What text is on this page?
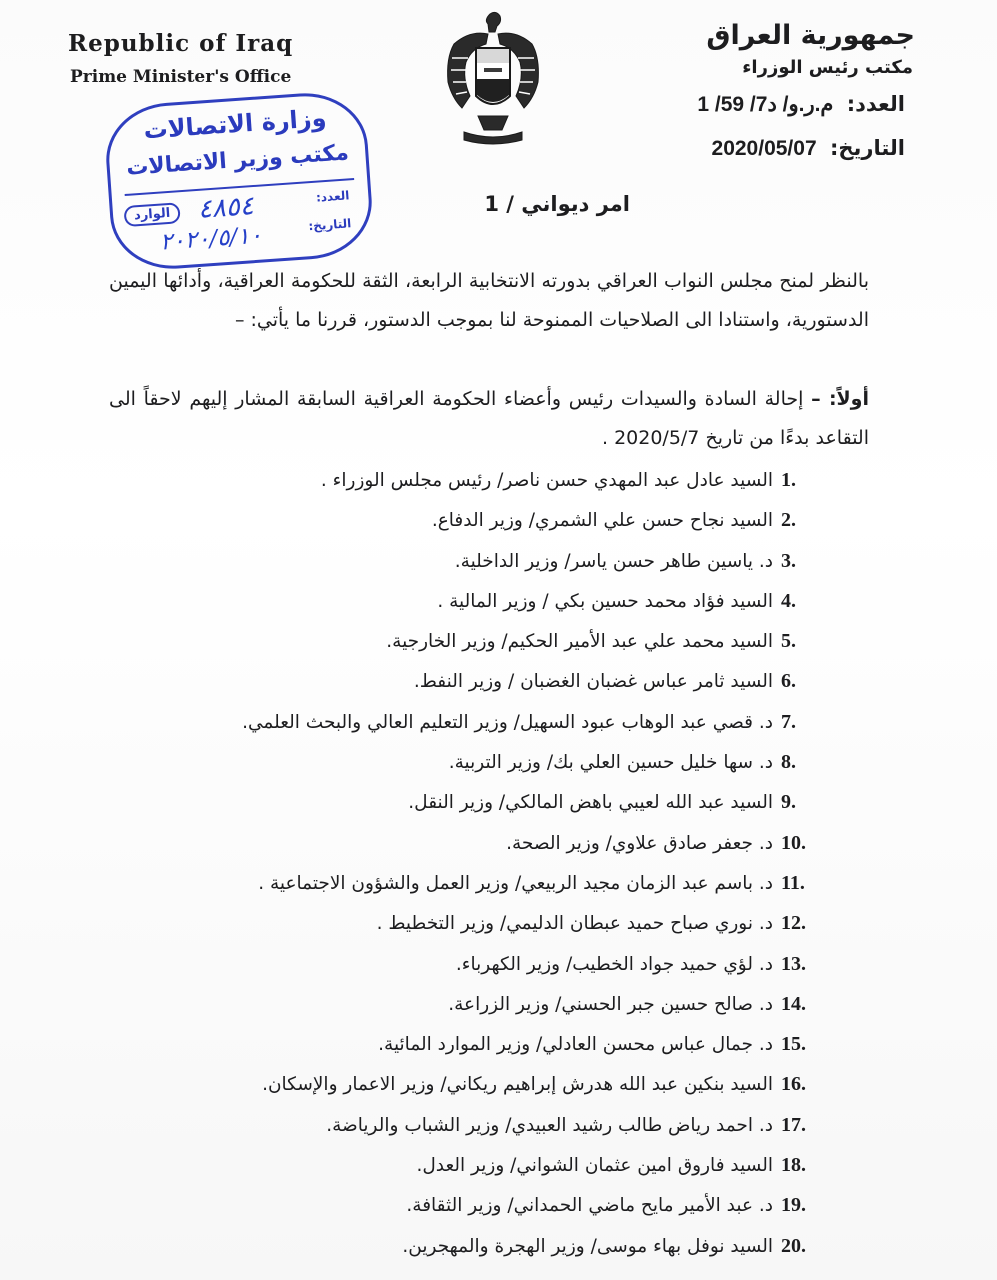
Republic of Iraq
Prime Minister's Office
جمهورية العراق
مكتب رئيس الوزراء
العدد: م.ر.و/ د7/ 59/ 1
التاريخ: 2020/05/07
وزارة الاتصالات
مكتب وزير الاتصالات
العدد:
التاريخ:
٤٨٥٤
٢٠٢٠/٥/١٠
الوارد	امر ديواني / 1
بالنظر لمنح مجلس النواب العراقي بدورته الانتخابية الرابعة، الثقة للحكومة العراقية، وأدائها اليمين الدستورية، واستنادا الى الصلاحيات الممنوحة لنا بموجب الدستور، قررنا ما يأتي: –
أولاً: – إحالة السادة والسيدات رئيس وأعضاء الحكومة العراقية السابقة المشار إليهم لاحقاً الى التقاعد بدءًا من تاريخ 2020/5/7 .
1.السيد عادل عبد المهدي حسن ناصر/ رئيس مجلس الوزراء .
2.السيد نجاح حسن علي الشمري/ وزير الدفاع.
3.د. ياسين طاهر حسن ياسر/ وزير الداخلية.
4.السيد فؤاد محمد حسين بكي / وزير المالية .
5.السيد محمد علي عبد الأمير الحكيم/ وزير الخارجية.
6.السيد ثامر عباس غضبان الغضبان / وزير النفط.
7.د. قصي عبد الوهاب عبود السهيل/ وزير التعليم العالي والبحث العلمي.
8.د. سها خليل حسين العلي بك/ وزير التربية.
9.السيد عبد الله لعيبي باهض المالكي/ وزير النقل.
10.د. جعفر صادق علاوي/ وزير الصحة.
11.د. باسم عبد الزمان مجيد الربيعي/ وزير العمل والشؤون الاجتماعية .
12.د. نوري صباح حميد عبطان الدليمي/ وزير التخطيط .
13.د. لؤي حميد جواد الخطيب/ وزير الكهرباء.
14.د. صالح حسين جبر الحسني/ وزير الزراعة.
15.د. جمال عباس محسن العادلي/ وزير الموارد المائية.
16.السيد بنكين عبد الله هدرش إبراهيم ريكاني/ وزير الاعمار والإسكان.
17.د. احمد رياض طالب رشيد العبيدي/ وزير الشباب والرياضة.
18.السيد فاروق امين عثمان الشواني/ وزير العدل.
19.د. عبد الأمير مايح ماضي الحمداني/ وزير الثقافة.
20.السيد نوفل بهاء موسى/ وزير الهجرة والمهجرين.
